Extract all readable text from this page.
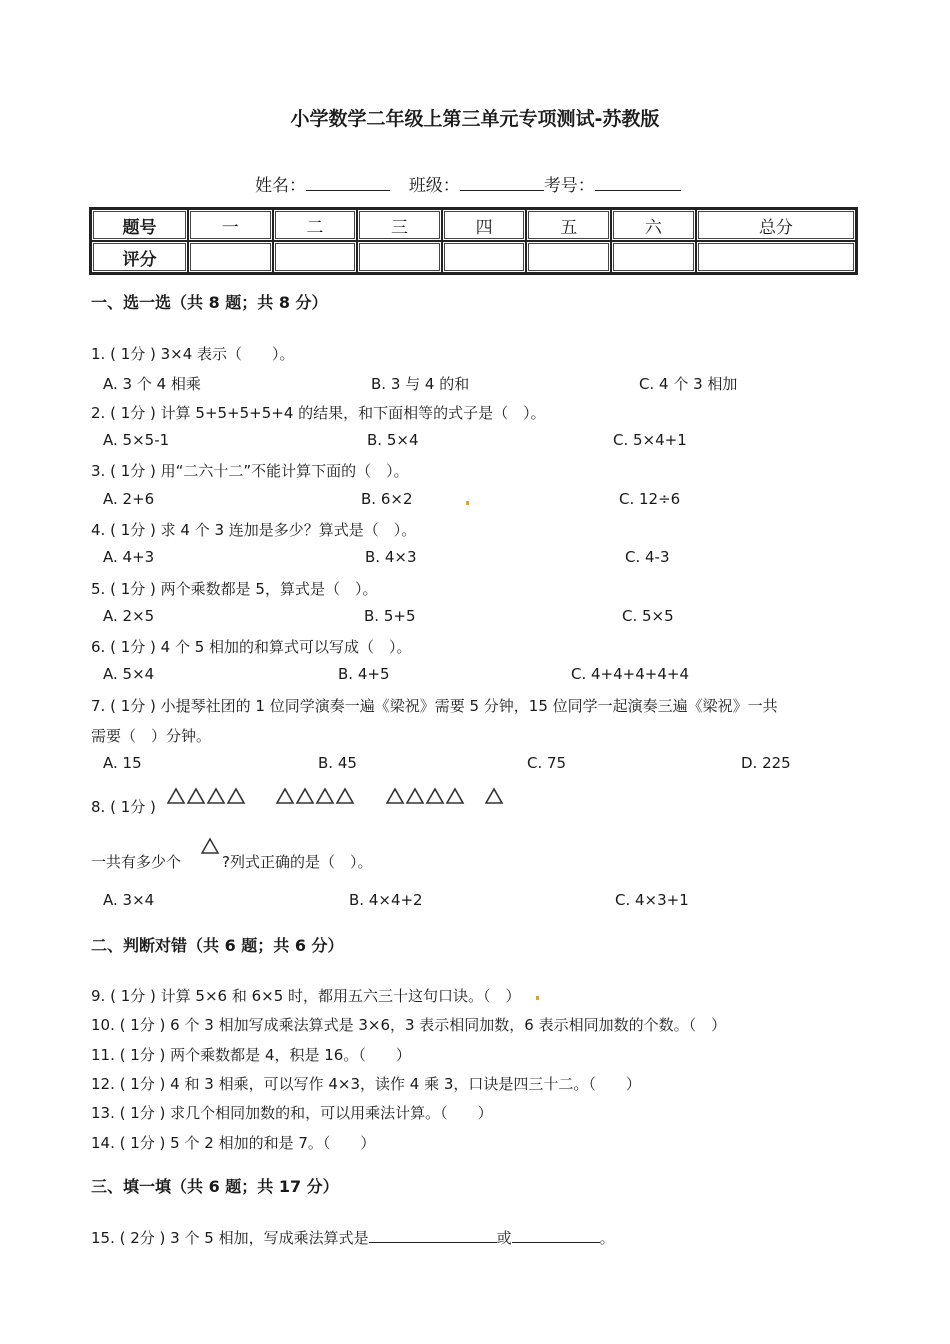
小学数学二年级上第三单元专项测试-苏教版
姓名：	班级：	考号：
题号	一	二	三	四	五	六	总分
评分							
一、选一选（共 8 题；共 8 分）
1. ( 1分 ) 3×4 表示（　　）。
A. 3 个 4 相乘	B. 3 与 4 的和	C. 4 个 3 相加
2. ( 1分 ) 计算 5+5+5+5+4 的结果，和下面相等的式子是（　）。
A. 5×5-1	B. 5×4	C. 5×4+1
3. ( 1分 ) 用“二六十二”不能计算下面的（　）。
A. 2+6	B. 6×2	C. 12÷6
4. ( 1分 ) 求 4 个 3 连加是多少？算式是（　）。
A. 4+3	B. 4×3	C. 4-3
5. ( 1分 ) 两个乘数都是 5，算式是（　）。
A. 2×5	B. 5+5	C. 5×5
6. ( 1分 ) 4 个 5 相加的和算式可以写成（　）。
A. 5×4	B. 4+5	C. 4+4+4+4+4
7. ( 1分 ) 小提琴社团的 1 位同学演奏一遍《梁祝》需要 5 分钟，15 位同学一起演奏三遍《梁祝》一共
需要（　）分钟。
A. 15	B. 45	C. 75	D. 225
8. ( 1分 )
一共有多少个	?列式正确的是（　）。
A. 3×4	B. 4×4+2	C. 4×3+1
二、判断对错（共 6 题；共 6 分）
9. ( 1分 ) 计算 5×6 和 6×5 时，都用五六三十这句口诀。（　）
10. ( 1分 ) 6 个 3 相加写成乘法算式是 3×6，3 表示相同加数，6 表示相同加数的个数。（　）
11. ( 1分 ) 两个乘数都是 4，积是 16。（　　）
12. ( 1分 ) 4 和 3 相乘，可以写作 4×3，读作 4 乘 3，口诀是四三十二。（　　）
13. ( 1分 ) 求几个相同加数的和，可以用乘法计算。（　　）
14. ( 1分 ) 5 个 2 相加的和是 7。（　　）
三、填一填（共 6 题；共 17 分）
15. ( 2分 ) 3 个 5 相加，写成乘法算式是	或	。
